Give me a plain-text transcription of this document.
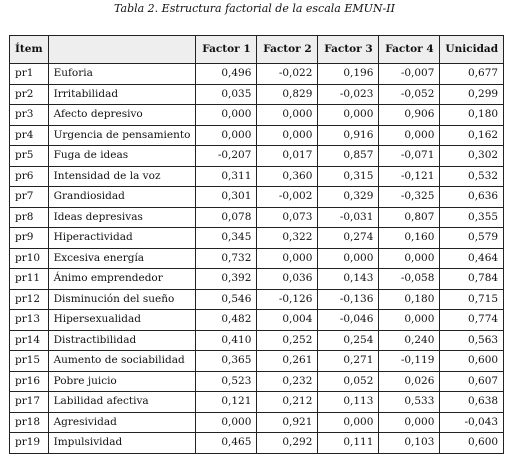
Tabla 2. Estructura factorial de la escala EMUN-II
Ítem		Factor 1	Factor 2	Factor 3	Factor 4	Unicidad
pr1	Euforia	0,496	-0,022	0,196	-0,007	0,677
pr2	Irritabilidad	0,035	0,829	-0,023	-0,052	0,299
pr3	Afecto depresivo	0,000	0,000	0,000	0,906	0,180
pr4	Urgencia de pensamiento	0,000	0,000	0,916	0,000	0,162
pr5	Fuga de ideas	-0,207	0,017	0,857	-0,071	0,302
pr6	Intensidad de la voz	0,311	0,360	0,315	-0,121	0,532
pr7	Grandiosidad	0,301	-0,002	0,329	-0,325	0,636
pr8	Ideas depresivas	0,078	0,073	-0,031	0,807	0,355
pr9	Hiperactividad	0,345	0,322	0,274	0,160	0,579
pr10	Excesiva energía	0,732	0,000	0,000	0,000	0,464
pr11	Ánimo emprendedor	0,392	0,036	0,143	-0,058	0,784
pr12	Disminución del sueño	0,546	-0,126	-0,136	0,180	0,715
pr13	Hipersexualidad	0,482	0,004	-0,046	0,000	0,774
pr14	Distractibilidad	0,410	0,252	0,254	0,240	0,563
pr15	Aumento de sociabilidad	0,365	0,261	0,271	-0,119	0,600
pr16	Pobre juicio	0,523	0,232	0,052	0,026	0,607
pr17	Labilidad afectiva	0,121	0,212	0,113	0,533	0,638
pr18	Agresividad	0,000	0,921	0,000	0,000	-0,043
pr19	Impulsividad	0,465	0,292	0,111	0,103	0,600
